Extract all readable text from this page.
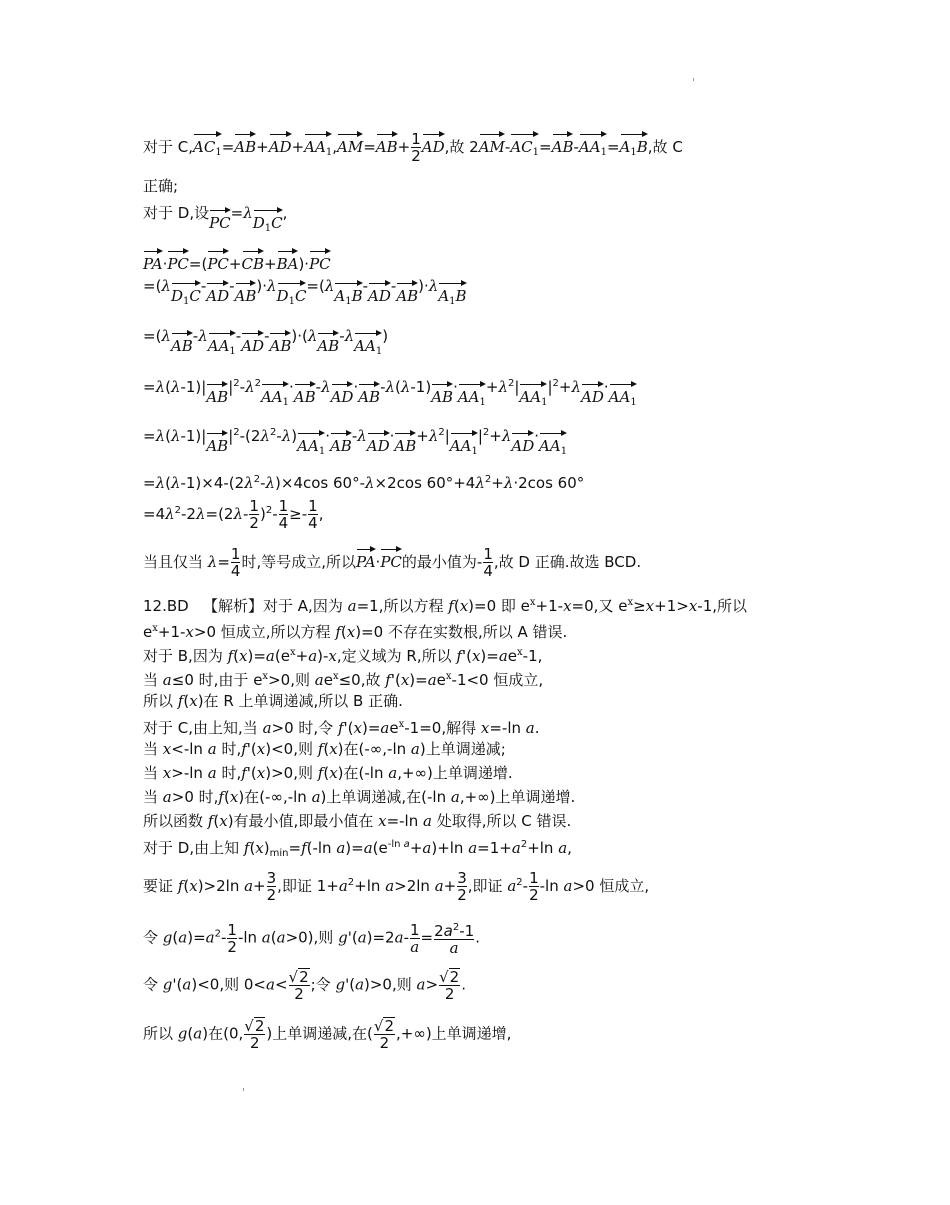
对于 $C,AC_1=AB+AD+AA_1,AM=AB+ \frac{1}{2}$ AD,故 $2AM-AC_1=AB-AA_1=A_1B$,故 C
正确;
对于 D,设$PC=\lambda D_1C$,
PA·PC=(PC+CB+BA)·PC
$=(\lambda D_1C-AD-AB)\cdot\lambda D_1C=(\lambda A_1B-AD-AB)\cdot\lambda A_1B$
=(λAB-λAA$_1$-AD-AB)·(λAB-λAA$_1$)
$=\lambda(\lambda-1)|AB|^2-\lambda^2AA_1\cdot AB-\lambda AD\cdot AB-\lambda(\lambda-1)AB\cdot AA_1+\lambda^2|AA_1|^2+\lambda AD\cdot AA_1$
$=\lambda(\lambda-1)|AB|^2-(2\lambda^2-\lambda)AA_1\cdot AB-\lambda AD\cdot AB+\lambda^2|AA_1|^2+\lambda AD\cdot AA_1$
$=\lambda(\lambda-1)\times 4-(2\lambda^2-\lambda)\times 4\cos$ 60°-λ×2cos $60^\circ+4\lambda^2+\lambda\cdot 2\cos$ 60°
$=4\lambda^2-2\lambda=(2\lambda- \frac{1}{2} )^2- \frac{1}{4} \ge- \frac{1}{4}$ ,
当且仅当 $\lambda= \frac{1}{4}$ 时,等号成立,所以PA·PC的最小值为- $\frac{1}{4}$ ,故 D 正确.故选 BCD.
12.BD 【解析】对于 A,因为 a=1,所以方程 f(x)=0 即 $e^x+1-x=0$,又 $e^x\ge x+1>x-1$,所以
$e^x+1-x>0$ 恒成立,所以方程 f(x)=0 不存在实数根,所以 A 错误.
对于 B,因为 $f(x)=a(e^x+a)-x$,定义域为 R,所以 $f'(x)=ae^x-1$,
当 a≤0 时,由于 $e^x>0$,则 $ae^x\le 0$,故 $f'(x)=ae^x-1<0$ 恒成立,
所以 f(x)在 R 上单调递减,所以 B 正确.
对于 C,由上知,当 a>0 时,令 $f'(x)=ae^x-1=0$,解得 x=-ln a.
当 x<-ln a 时,f'(x)<0,则 f(x)在(-∞,-ln a)上单调递减;
当 x>-ln a 时,f'(x)>0,则 f(x)在(-ln a,+∞)上单调递增.
当 a>0 时,f(x)在(-∞,-ln a)上单调递减,在(-ln a,+∞)上单调递增.
所以函数 f(x)有最小值,即最小值在 x=-ln a 处取得,所以 C 错误.
对于 D,由上知 $f(x)_{min}=f(-\ln$ $a)=a(e^{-ln a}+a)+\ln$ $a=1+a^2+\ln$ a,
要证 f(x)>2ln $a+ \frac{3}{2}$ ,即证 $1+a^2+\ln$ a>2ln $a+ \frac{3}{2}$ ,即证 $a^2- \frac{1}{2} -\ln$ a>0 恒成立,
令 $g(a)=a^2- \frac{1}{2} -\ln$ a(a>0),则 $g'(a)=2a- \frac{1}{a} = \frac{2a^2-1}{a}$ .
令 g'(a)<0,则 $0<a< \frac{√2}{2}$ ;令 g'(a)>0,则 $a> \frac{√2}{2}$ .
所以 g(a)在(0, $\frac{√2}{2}$ )上单调递减,在( $\frac{√2}{2}$ ,+∞)上单调递增,
